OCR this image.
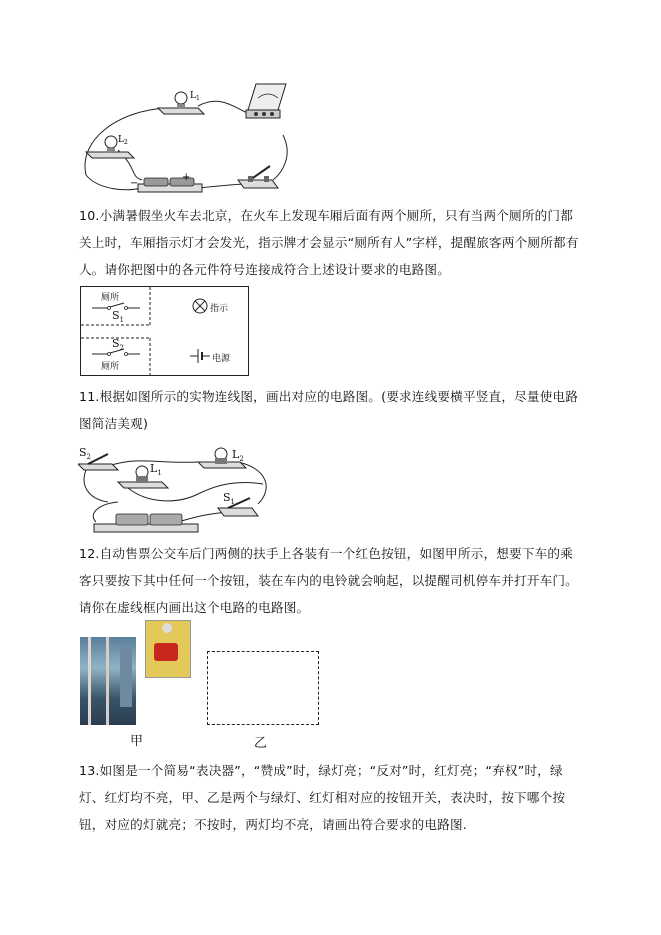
L 1
L 2
−
+
10.小满暑假坐火车去北京，在火车上发现车厢后面有两个厕所，只有当两个厕所的门都关上时，车厢指示灯才会发光，指示牌才会显示“厕所有人”字样，提醒旅客两个厕所都有人。请你把图中的各元件符号连接成符合上述设计要求的电路图。
厕所
$S_1$
$S_2$
厕所
指示
电源
11.根据如图所示的实物连线图，画出对应的电路图。(要求连线要横平竖直，尽量使电路图简洁美观)
$S_2$
$L_1$
$L_2$
$S_1$
12.自动售票公交车后门两侧的扶手上各装有一个红色按钮，如图甲所示，想要下车的乘客只要按下其中任何一个按钮，装在车内的电铃就会响起，以提醒司机停车并打开车门。请你在虚线框内画出这个电路的电路图。
甲	乙
13.如图是一个简易“表决器”，“赞成”时，绿灯亮；“反对”时，红灯亮；“弃权”时，绿灯、红灯均不亮，甲、乙是两个与绿灯、红灯相对应的按钮开关，表决时，按下哪个按钮，对应的灯就亮；不按时，两灯均不亮，请画出符合要求的电路图.
